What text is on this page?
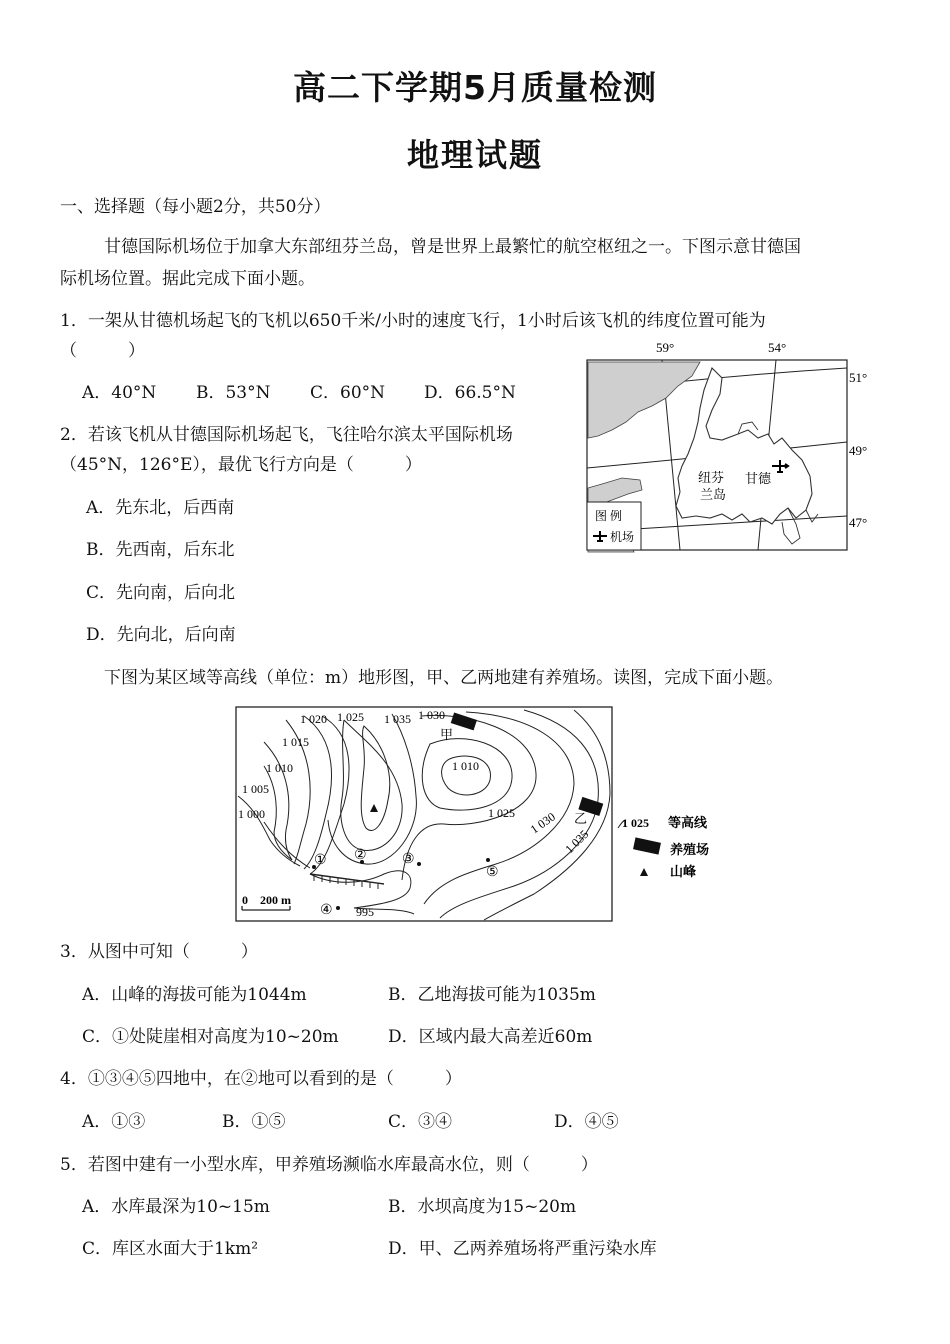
高二下学期5月质量检测
地理试题
一、选择题（每小题2分，共50分）
甘德国际机场位于加拿大东部纽芬兰岛，曾是世界上最繁忙的航空枢纽之一。下图示意甘德国
际机场位置。据此完成下面小题。
1．一架从甘德机场起飞的飞机以650千米/小时的速度飞行，1小时后该飞机的纬度位置可能为
（　　　）
A．40°N B．53°N C．60°N D．66.5°N
2．若该飞机从甘德国际机场起飞，飞往哈尔滨太平国际机场
（45°N，126°E），最优飞行方向是（　　　）
A．先东北，后西南
B．先西南，后东北
C．先向南，后向北
D．先向北，后向南
59°	54°
51°
49°
47°
纽芬
兰岛
甘德
图 例
机场
下图为某区域等高线（单位：m）地形图，甲、乙两地建有养殖场。读图，完成下面小题。
1 020 1 025 1 035 1 030
1 015
1 010
1 005
1 000
1 010
1 025 1 030
1 035
995
甲
乙
① ②	③
④
⑤
0　200 m
1 025 等高线
养殖场
山峰
3．从图中可知（　　　）
A．山峰的海拔可能为1044m	B．乙地海拔可能为1035m
C．①处陡崖相对高度为10~20m	D．区域内最大高差近60m
4．①③④⑤四地中，在②地可以看到的是（　　　）
A．①③	B．①⑤	C．③④	D．④⑤
5．若图中建有一小型水库，甲养殖场濒临水库最高水位，则（　　　）
A．水库最深为10~15m	B．水坝高度为15~20m
C．库区水面大于1km²	D．甲、乙两养殖场将严重污染水库
